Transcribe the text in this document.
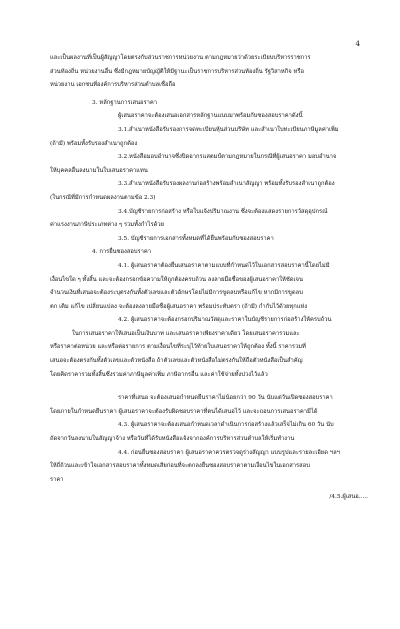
4
และเป็นผลงานที่เป็นผู้สัญญาโดยตรงกับส่วนราชการหน่วยงาน ตามกฎหมายว่าด้วยระเบียบบริหารราชการ
ส่วนท้องถิ่น หน่วยงานอื่น ซึ่งมีกฎหมายบัญญัติให้มีฐานะเป็นราชการบริหารส่วนท้องถิ่น รัฐวิสาหกิจ หรือ
หน่วยงาน เอกชนที่องค์การบริหารส่วนตำบลเชื่อถือ
3. หลักฐานการเสนอราคา
ผู้เสนอราคาจะต้องเสนอเอกสารหลักฐานแนบมาพร้อมกับซองสอบราคาดังนี้
3.1.สำเนาหนังสือรับรองการจดทะเบียนหุ้นส่วนบริษัท และสำเนาใบทะเบียนภาษีมูลค่าเพิ่ม
(ถ้ามี) พร้อมทั้งรับรองสำเนาถูกต้อง
3.2.หนังสือมอบอำนาจซึ่งปิดอากรแสตมป์ตามกฎหมายในกรณีที่ผู้เสนอราคา มอบอำนาจ
ให้บุคคลอื่นลงนามในใบเสนอราคาแทน
3.3.สำเนาหนังสือรับรองผลงานก่อสร้างพร้อมสำเนาสัญญา พร้อมทั้งรับรองสำเนาถูกต้อง
(ในกรณีที่มีการกำหนดผลงานตามข้อ 2.3)
3.4.บัญชีรายการก่อสร้าง หรือใบแจ้งปริมาณงาน ซึ่งจะต้องแสดงรายการวัสดุอุปกรณ์
ค่าแรงงานภาษีประเภทต่าง ๆ รวมทั้งกำไรด้วย
3.5. บัญชีรายการเอกสารทั้งหมดที่ได้ยื่นพร้อมกับซองสอบราคา
4. การยื่นซองสอบราคา
4.1. ผู้เสนอราคาต้องยื่นเสนอราคาตามแบบที่กำหนดไว้ในเอกสารสอบราคานี้โดยไม่มี
เงื่อนไขใด ๆ ทั้งสิ้น และจะต้องกรอกข้อความให้ถูกต้องครบถ้วน ลงลายมือชื่อของผู้เสนอราคาให้ชัดเจน
จำนวนเงินที่เสนอจะต้องระบุตรงกันทั้งตัวเลขและตัวอักษรโดยไม่มีการขูดลบหรือแก้ไข หากมีการขูดลบ
ตก เติม แก้ไข เปลี่ยนแปลง จะต้องลงลายมือชื่อผู้เสนอราคา พร้อมประทับตรา (ถ้ามี) กำกับไว้ด้วยทุกแห่ง
4.2. ผู้เสนอราคาจะต้องกรอกปริมาณวัสดุและราคาในบัญชีรายการก่อสร้างให้ครบถ้วน
ในการเสนอราคาให้เสนอเป็นเงินบาท และเสนอราคาเพียงราคาเดียว โดยเสนอราคารวมและ
หรือราคาต่อหน่วย และหรือต่อรายการ ตามเงื่อนไขที่ระบุไว้ท้ายใบเสนอราคาให้ถูกต้อง ทั้งนี้ ราคารวมที่
เสนอจะต้องตรงกันทั้งตัวเลขและตัวหนังสือ ถ้าตัวเลขและตัวหนังสือไม่ตรงกันให้ถือตัวหนังสือเป็นสำคัญ
โดยคิดราคารวมทั้งสิ้นซึ่งรวมค่าภาษีมูลค่าเพิ่ม ภาษีอากรอื่น และค่าใช้จ่ายทั้งปวงไว้แล้ว
ราคาที่เสนอ จะต้องเสนอกำหนดยืนราคาไม่น้อยกว่า 90 วัน นับแต่วันเปิดซองสอบราคา
โดยภายในกำหนดยืนราคา ผู้เสนอราคาจะต้องรับผิดชอบราคาที่ตนได้เสนอไว้ และจะถอนการเสนอราคามิได้
4.3. ผู้เสนอราคาจะต้องเสนอกำหนดเวลาดำเนินการก่อสร้างแล้วเสร็จไม่เกิน 60 วัน นับ
ถัดจากวันลงนามในสัญญาจ้าง หรือวันที่ได้รับหนังสือแจ้งจากองค์การบริหารส่วนตำบลให้เริ่มทำงาน
4.4. ก่อนยื่นซองสอบราคา ผู้เสนอราคาควรตรวจดูร่างสัญญา แบบรูปและรายละเอียด ฯลฯ
ให้ถี่ถ้วนและเข้าใจเอกสารสอบราคาทั้งหมดเสียก่อนที่จะตกลงยื่นซองสอบราคาตามเงื่อนไขในเอกสารสอบ
ราคา
/4.5.ผู้เสนอ.....
